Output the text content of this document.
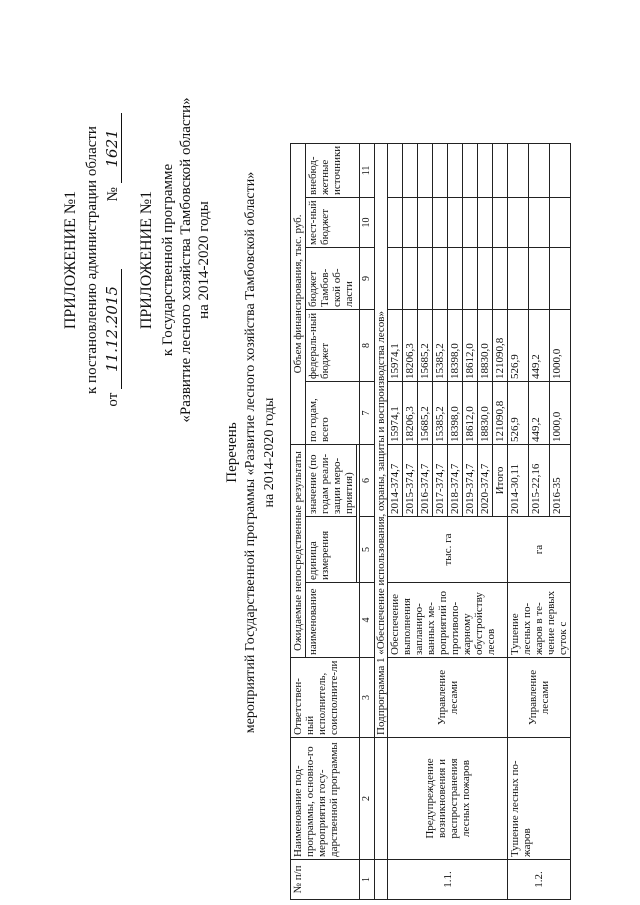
ПРИЛОЖЕНИЕ №1 к постановлению администрации области
от 11.12.2015  № 1621
ПРИЛОЖЕНИЕ №1 к Государственной программе «Развитие лесного хозяйства Тамбовской области» на 2014-2020 годы
Перечень мероприятий Государственной программы «Развитие лесного хозяйства Тамбовской области» на 2014-2020 годы
№ п/п	Наименование под-программы, основно-го мероприятия госу-дарственной программы	Ответствен-ный исполнитель, соисполните-ли	Ожидаемые непосредственные результаты			Объем финансирования, тыс. руб.				
			наименование	единица измерения	значение (по годам реали-зации меро-приятия)	по годам, всего	федераль-ный бюджет	бюджет Тамбов-ской об-ласти	мест-ный бюджет	внебюд-жетные источники

1	2	3	4	5	6	7	8	9	10	11
		Подпрограмма 1 «Обеспечение использования, охраны, защиты и воспроизводства лесов»								
1.1.	Предупреждение возникновения и распространения лесных пожаров	Управление лесами	Обеспечение выполнения запланиро-ванных ме-роприятий по противопо-жарному обустройству лесов	тыс. га	2014-374,7	15974,1	15974,1			
					2015-374,7	18206,3	18206,3			
					2016-374,7	15685,2	15685,2			
					2017-374,7	15385,2	15385,2			
					2018-374,7	18398,0	18398,0			
					2019-374,7	18612,0	18612,0			
					2020-374,7	18830,0	18830,0			
					Итого	121090,8	121090,8			
1.2.	Тушение лесных по-жаров	Управление лесами	Тушение лесных по-жаров в те-чение первых суток с	га	2014-30,11	526,9	526,9			
					2015-22,16	449,2	449,2			
					2016-35	1000,0	1000,0			
